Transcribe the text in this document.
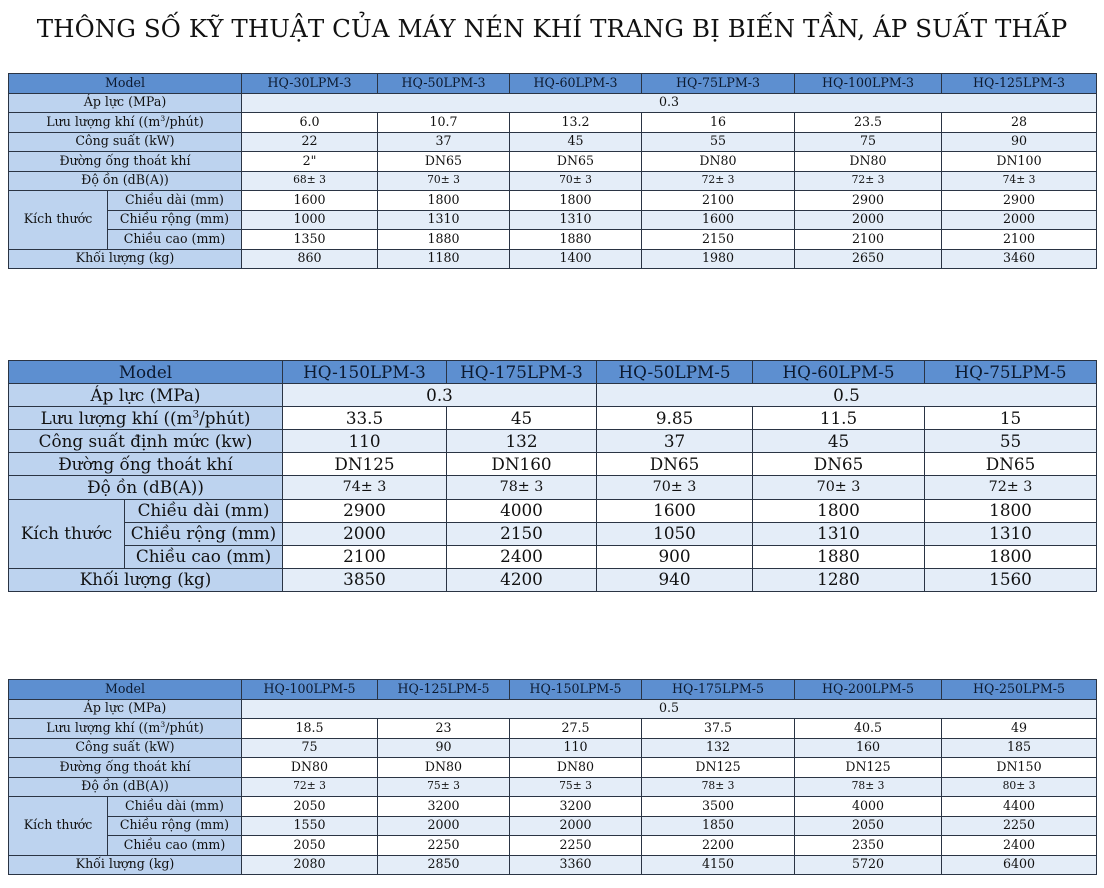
THÔNG SỐ KỸ THUẬT CỦA MÁY NÉN KHÍ TRANG BỊ BIẾN TẦN, ÁP SUẤT THẤP
Model		HQ-30LPM-3	HQ-50LPM-3	HQ-60LPM-3	HQ-75LPM-3	HQ-100LPM-3	HQ-125LPM-3
Áp lực (MPa)		0.3					
Lưu lượng khí ($(m^3/phút)$		6.0	10.7	13.2	16	23.5	28
Công suất (kW)		22	37	45	55	75	90
Đường ống thoát khí		2"	DN65	DN65	DN80	DN80	DN100
Độ ồn (dB(A))		68± 3	70± 3	70± 3	72± 3	72± 3	74± 3
Kích thước	Chiều dài (mm)	1600	1800	1800	2100	2900	2900
	Chiều rộng (mm)	1000	1310	1310	1600	2000	2000
	Chiều cao (mm)	1350	1880	1880	2150	2100	2100
Khối lượng (kg)		860	1180	1400	1980	2650	3460
Model		HQ-150LPM-3	HQ-175LPM-3	HQ-50LPM-5	HQ-60LPM-5	HQ-75LPM-5
Áp lực (MPa)		0.3		0.5		
Lưu lượng khí ($(m^3/phút)$		33.5	45	9.85	11.5	15
Công suất định mức (kw)		110	132	37	45	55
Đường ống thoát khí		DN125	DN160	DN65	DN65	DN65
Độ ồn (dB(A))		74± 3	78± 3	70± 3	70± 3	72± 3
Kích thước	Chiều dài (mm)	2900	4000	1600	1800	1800
	Chiều rộng (mm)	2000	2150	1050	1310	1310
	Chiều cao (mm)	2100	2400	900	1880	1800
Khối lượng (kg)		3850	4200	940	1280	1560
Model		HQ-100LPM-5	HQ-125LPM-5	HQ-150LPM-5	HQ-175LPM-5	HQ-200LPM-5	HQ-250LPM-5
Áp lực (MPa)		0.5					
Lưu lượng khí ($(m^3/phút)$		18.5	23	27.5	37.5	40.5	49
Công suất (kW)		75	90	110	132	160	185
Đường ống thoát khí		DN80	DN80	DN80	DN125	DN125	DN150
Độ ồn (dB(A))		72± 3	75± 3	75± 3	78± 3	78± 3	80± 3
Kích thước	Chiều dài (mm)	2050	3200	3200	3500	4000	4400
	Chiều rộng (mm)	1550	2000	2000	1850	2050	2250
	Chiều cao (mm)	2050	2250	2250	2200	2350	2400
Khối lượng (kg)		2080	2850	3360	4150	5720	6400
